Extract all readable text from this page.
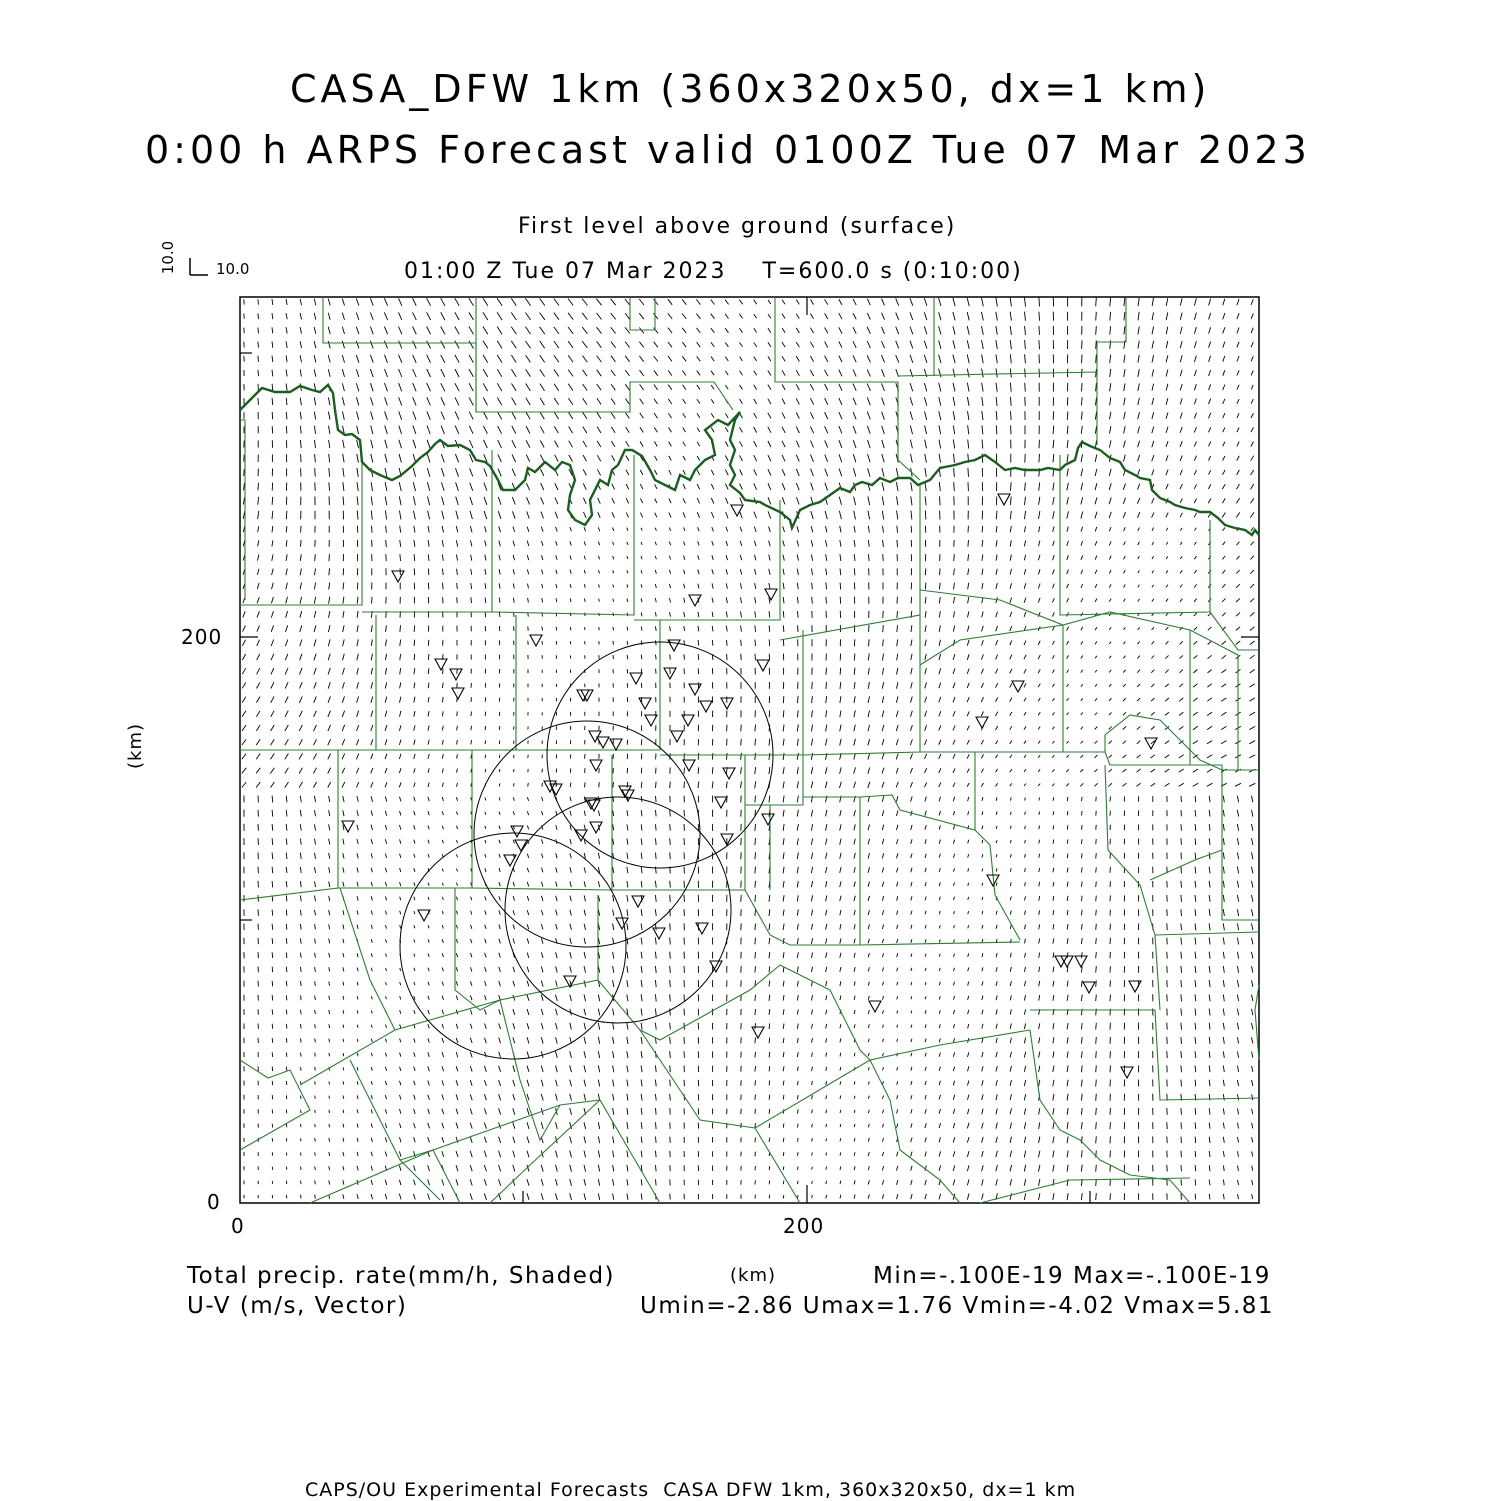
CASA_DFW 1km (360x320x50, dx=1 km)
0:00 h ARPS Forecast valid 0100Z Tue 07 Mar 2023
First level above ground (surface)
01:00 Z Tue 07 Mar 2023    T=600.0 s (0:10:00)
10.0	10.0
200
0
0	200
(km)
(km)
Total precip. rate(mm/h, Shaded)
U-V (m/s, Vector)
Min=-.100E-19 Max=-.100E-19
Umin=-2.86 Umax=1.76 Vmin=-4.02 Vmax=5.81
CAPS/OU Experimental Forecasts  CASA DFW 1km, 360x320x50, dx=1 km
